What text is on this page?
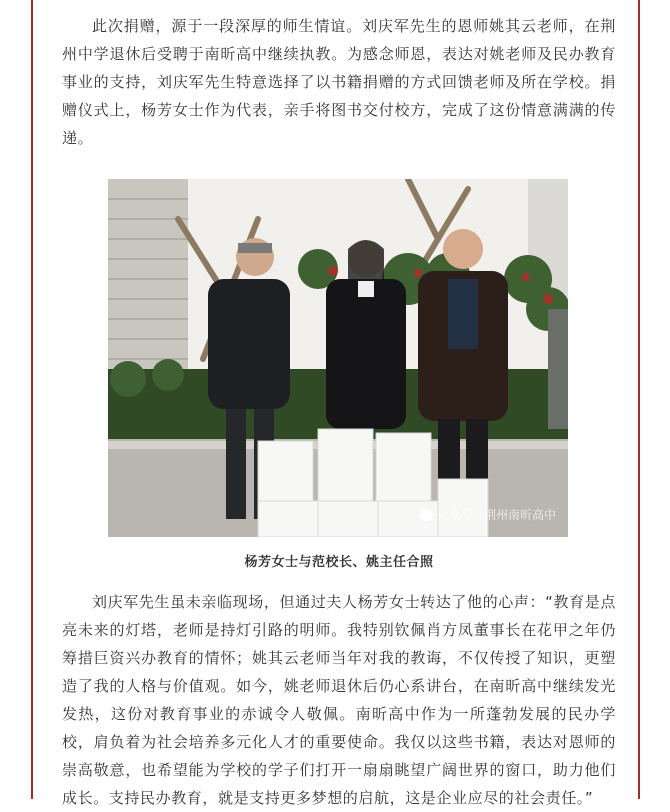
此次捐赠，源于一段深厚的师生情谊。刘庆军先生的恩师姚其云老师，在荆州中学退休后受聘于南昕高中继续执教。为感念师恩，表达对姚老师及民办教育事业的支持，刘庆军先生特意选择了以书籍捐赠的方式回馈老师及所在学校。捐赠仪式上，杨芳女士作为代表，亲手将图书交付校方，完成了这份情意满满的传递。

公众号 · 荆州南昕高中

杨芳女士与范校长、姚主任合照

刘庆军先生虽未亲临现场，但通过夫人杨芳女士转达了他的心声：“教育是点亮未来的灯塔，老师是持灯引路的明师。我特别钦佩肖方凤董事长在花甲之年仍筹措巨资兴办教育的情怀；姚其云老师当年对我的教诲，不仅传授了知识，更塑造了我的人格与价值观。如今，姚老师退休后仍心系讲台，在南昕高中继续发光发热，这份对教育事业的赤诚令人敬佩。南昕高中作为一所蓬勃发展的民办学校，肩负着为社会培养多元化人才的重要使命。我仅以这些书籍，表达对恩师的崇高敬意，也希望能为学校的学子们打开一扇扇眺望广阔世界的窗口，助力他们成长。支持民办教育，就是支持更多梦想的启航，这是企业应尽的社会责任。”
